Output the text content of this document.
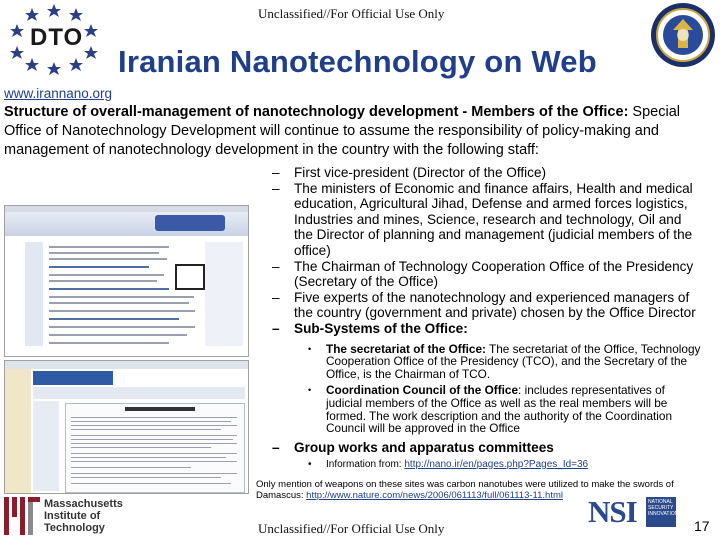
Unclassified//For Official Use Only
DTO
Iranian Nanotechnology on Web
www.irannano.org
Structure of overall-management of nanotechnology development - Members of the Office: Special Office of Nanotechnology Development will continue to assume the responsibility of policy-making and management of nanotechnology development in the country with the following staff:
–	First vice-president (Director of the Office)
–	The ministers of Economic and finance affairs, Health and medical education, Agricultural Jihad, Defense and armed forces logistics, Industries and mines, Science, research and technology, Oil and the Director of planning and management (judicial members of the office)
–	The Chairman of Technology Cooperation Office of the Presidency (Secretary of the Office)
–	Five experts of the nanotechnology and experienced managers of the country (government and private) chosen by the Office Director
–	Sub-Systems of the Office:
•	The secretariat of the Office: The secretariat of the Office, Technology Cooperation Office of the Presidency (TCO), and the Secretary of the Office, is the Chairman of TCO.
•	Coordination Council of the Office: includes representatives of judicial members of the Office as well as the real members will be formed. The work description and the authority of the Coordination Council will be approved in the Office
–	Group works and apparatus committees
•	Information from: http://nano.ir/en/pages.php?Pages_Id=36
Only mention of weapons on these sites was carbon nanotubes were utilized to make the swords of Damascus: http://www.nature.com/news/2006/061113/full/061113-11.html
Massachusetts
Institute of
Technology	Unclassified//For Official Use Only	NSI	NATIONAL SECURITY INNOVATIONS
17
